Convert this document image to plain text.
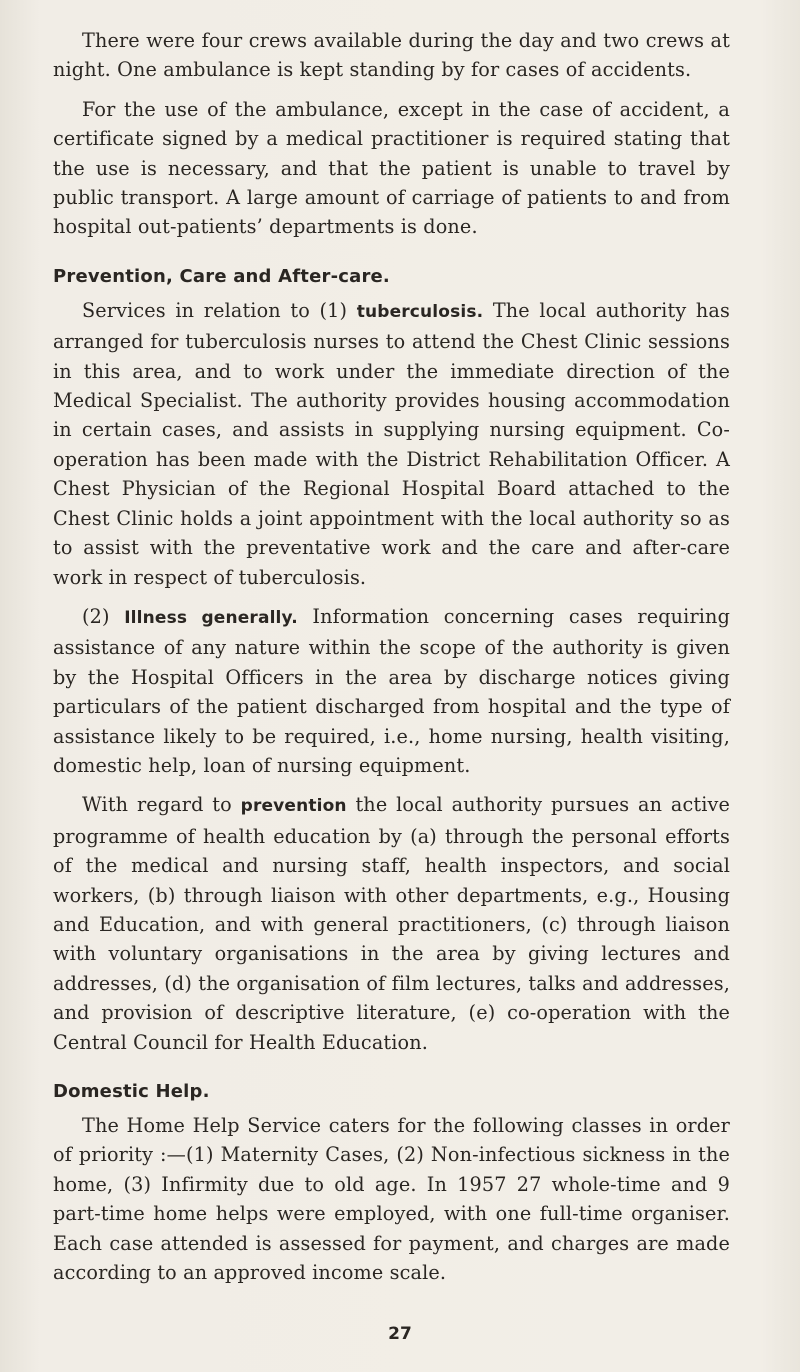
There were four crews available during the day and two crews at night. One ambulance is kept standing by for cases of accidents.

For the use of the ambulance, except in the case of accident, a certificate signed by a medical practitioner is required stating that the use is necessary, and that the patient is unable to travel by public transport. A large amount of carriage of patients to and from hospital out-patients’ departments is done.

Prevention, Care and After-care.

Services in relation to (1) tuberculosis. The local authority has arranged for tuberculosis nurses to attend the Chest Clinic sessions in this area, and to work under the immediate direction of the Medical Specialist. The authority provides housing accommodation in certain cases, and assists in supplying nursing equipment. Co-operation has been made with the District Rehabilitation Officer. A Chest Physician of the Regional Hospital Board attached to the Chest Clinic holds a joint appointment with the local authority so as to assist with the preventative work and the care and after-care work in respect of tuberculosis.

(2) Illness generally. Information concerning cases requiring assistance of any nature within the scope of the authority is given by the Hospital Officers in the area by discharge notices giving particulars of the patient discharged from hospital and the type of assistance likely to be required, i.e., home nursing, health visiting, domestic help, loan of nursing equipment.

With regard to prevention the local authority pursues an active programme of health education by (a) through the personal efforts of the medical and nursing staff, health inspectors, and social workers, (b) through liaison with other departments, e.g., Housing and Education, and with general practitioners, (c) through liaison with voluntary organisations in the area by giving lectures and addresses, (d) the organisation of film lectures, talks and addresses, and provision of descriptive literature, (e) co-operation with the Central Council for Health Education.

Domestic Help.

The Home Help Service caters for the following classes in order of priority :—(1) Maternity Cases, (2) Non-infectious sickness in the home, (3) Infirmity due to old age. In 1957 27 whole-time and 9 part-time home helps were employed, with one full-time organiser. Each case attended is assessed for payment, and charges are made according to an approved income scale.

27
